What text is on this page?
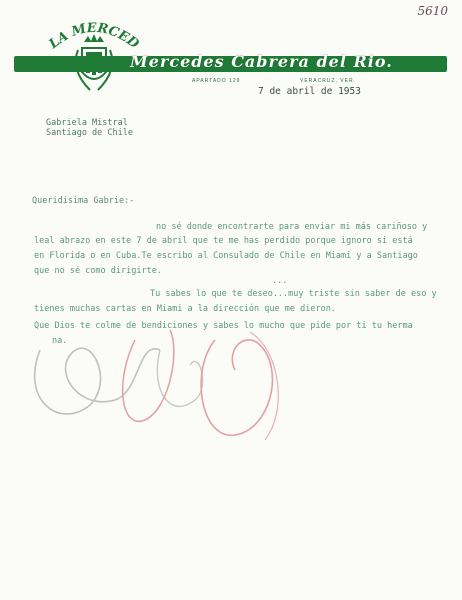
5610
LA MERCED
Mercedes Cabrera del Rio.
APARTADO 129	VERACRUZ, VER.
7 de abril de 1953
Gabriela Mistral
Santiago de Chile
Queridisima Gabrie:-
no sé donde encontrarte para enviar mi más cariñoso y
leal abrazo en este 7 de abril que te me has perdido porque ignoro si está
en Florida o en Cuba.Te escribo al Consulado de Chile en Miami y a Santiago
que no sé como dirigirte.
...
Tu sabes lo que te deseo...muy triste sin saber de eso y
tienes muchas cartas en Miami a la dirección que me dieron.
Que Dios te colme de bendiciones y sabes lo mucho que pide por ti tu herma
na.
